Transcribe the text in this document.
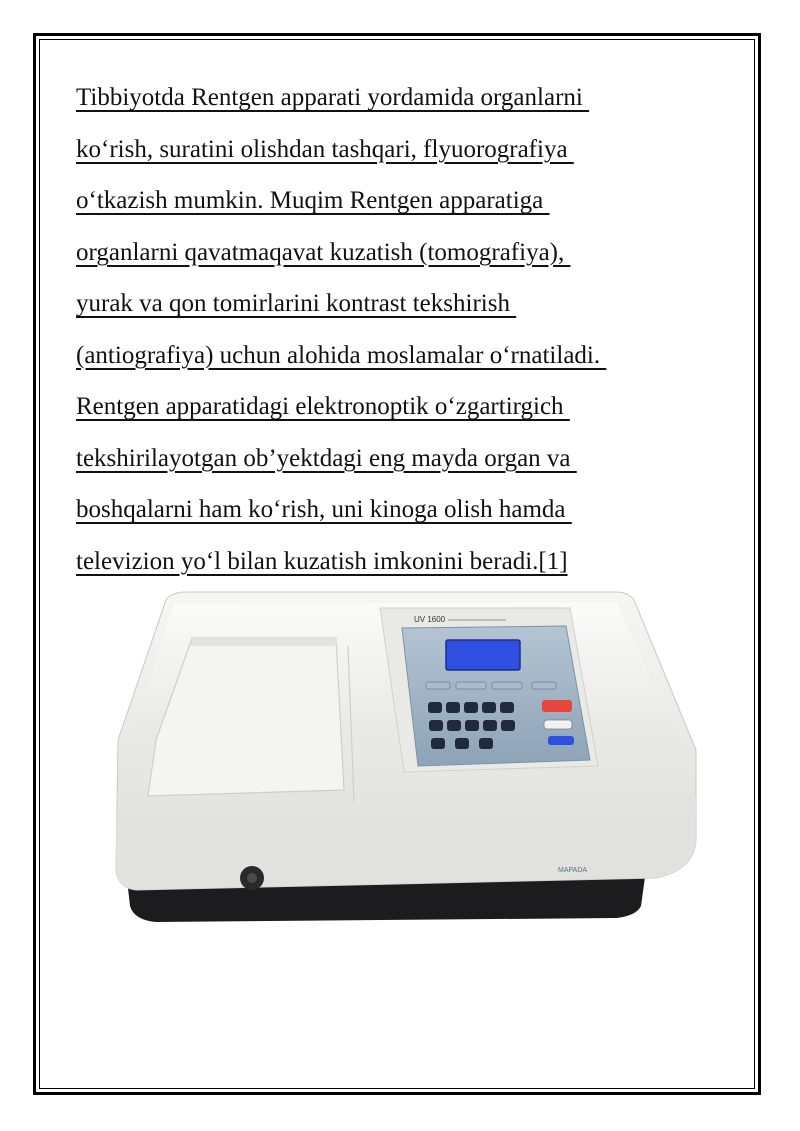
Tibbiyotda Rentgen apparati yordamida organlarni
ko‘rish, suratini olishdan tashqari, flyuorografiya
o‘tkazish mumkin. Muqim Rentgen apparatiga
organlarni qavatmaqavat kuzatish (tomografiya),
yurak va qon tomirlarini kontrast tekshirish
(antiografiya) uchun alohida moslamalar o‘rnatiladi.
Rentgen apparatidagi elektronoptik o‘zgartirgich
tekshirilayotgan ob’yektdagi eng mayda organ va
boshqalarni ham ko‘rish, uni kinoga olish hamda
televizion yo‘l bilan kuzatish imkonini beradi.[1]
UV 1600
MAPADA
